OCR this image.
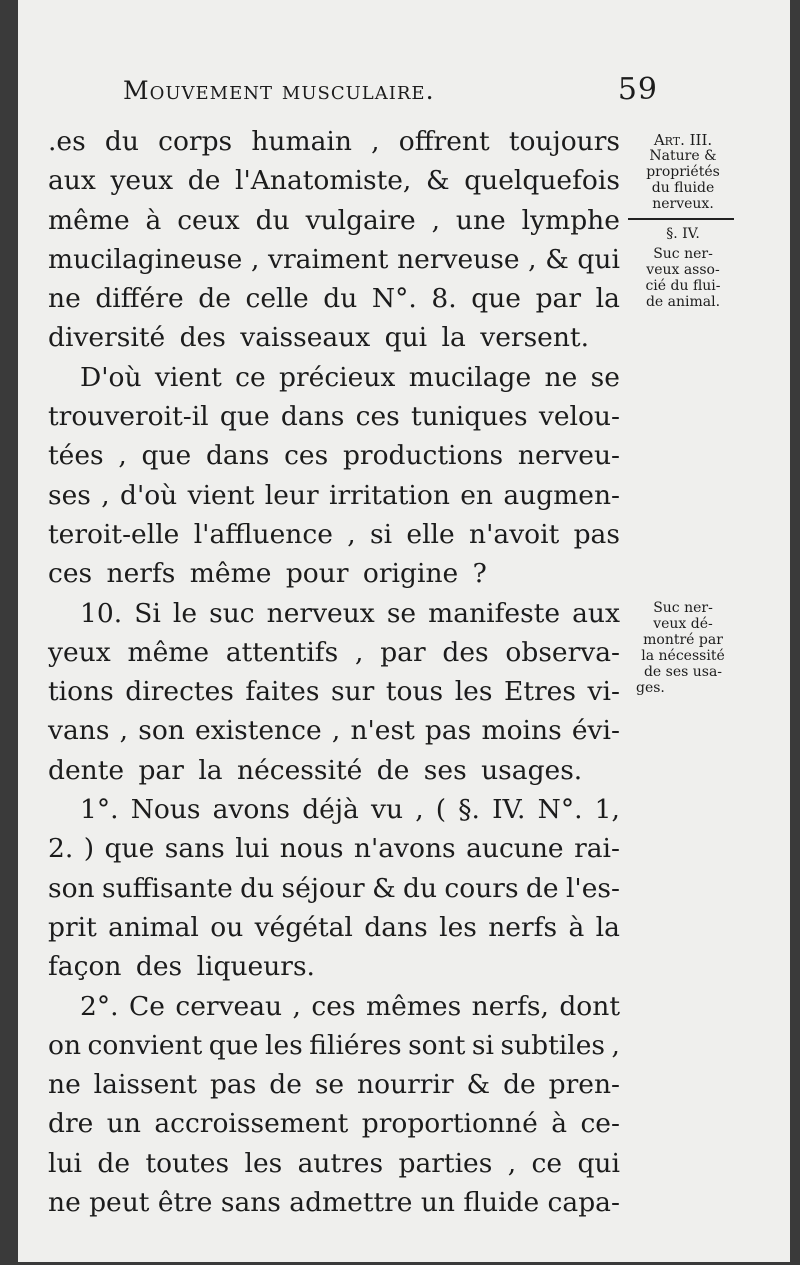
Mouvement musculaire.	59
.es du corps humain , offrent toujours
aux yeux de l'Anatomiste, & quelquefois
même à ceux du vulgaire , une lymphe
mucilagineuse , vraiment nerveuse , & qui
ne différe de celle du N°. 8. que par la
diversité des vaisseaux qui la versent.
D'où vient ce précieux mucilage ne se
trouveroit-il que dans ces tuniques velou-
tées , que dans ces productions nerveu-
ses , d'où vient leur irritation en augmen-
teroit-elle l'affluence , si elle n'avoit pas
ces nerfs même pour origine ?
10. Si le suc nerveux se manifeste aux
yeux même attentifs , par des observa-
tions directes faites sur tous les Etres vi-
vans , son existence , n'est pas moins évi-
dente par la nécessité de ses usages.
1°. Nous avons déjà vu , ( §. IV. N°. 1,
2. ) que sans lui nous n'avons aucune rai-
son suffisante du séjour & du cours de l'es-
prit animal ou végétal dans les nerfs à la
façon des liqueurs.
2°. Ce cerveau , ces mêmes nerfs, dont
on convient que les filiéres sont si subtiles ,
ne laissent pas de se nourrir & de pren-
dre un accroissement proportionné à ce-
lui de toutes les autres parties , ce qui
ne peut être sans admettre un fluide capa-
Art. III.
Nature &
propriétés
du fluide
nerveux.
§. IV.
Suc ner-
veux asso-
cié du flui-
de animal.
Suc ner-
veux dé-
montré par
la nécessité
de ses usa-
ges.
